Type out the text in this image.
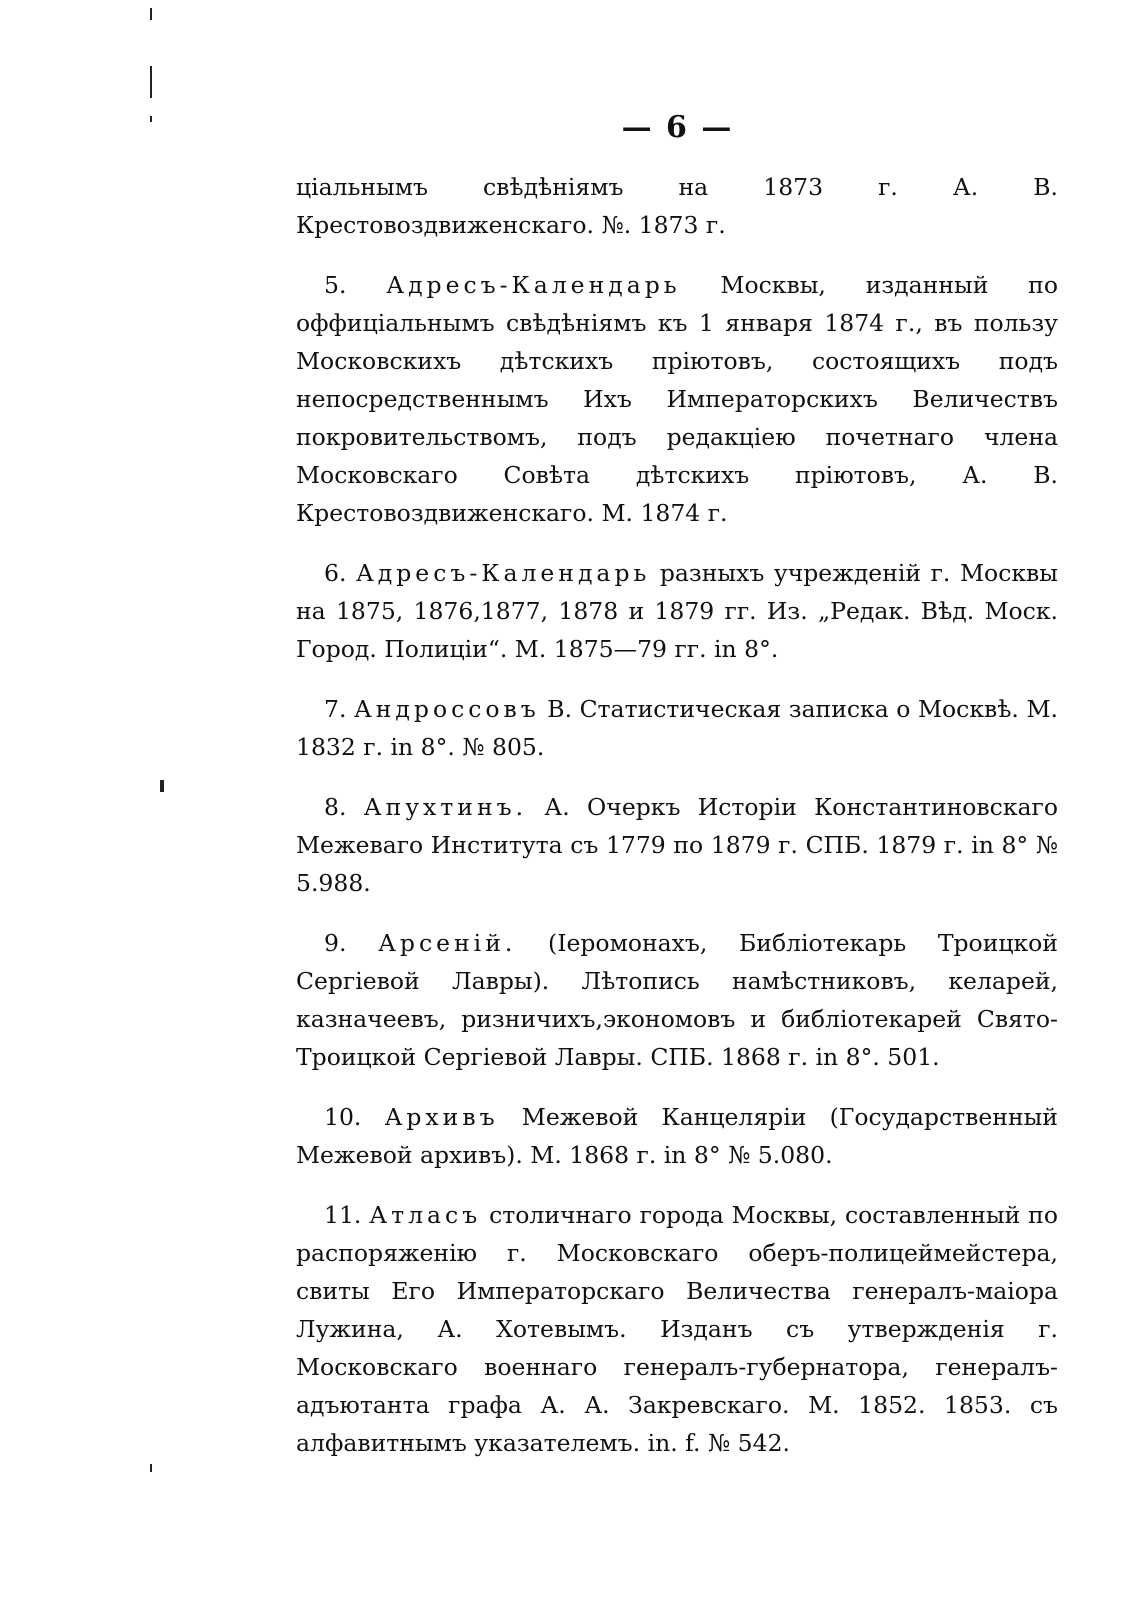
— 6 —

ціальнымъ свѣдѣніямъ на 1873 г. А. В. Крестовоздвиженскаго. №. 1873 г.

5. Адресъ-Календарь Москвы, изданный по оффиціальнымъ свѣдѣніямъ къ 1 января 1874 г., въ пользу Московскихъ дѣтскихъ пріютовъ, состоящихъ подъ непосредственнымъ Ихъ Императорскихъ Величествъ покровительствомъ, подъ редакціею почетнаго члена Московскаго Совѣта дѣтскихъ пріютовъ, А. В. Крестовоздвиженскаго. М. 1874 г.

6. Адресъ-Календарь разныхъ учрежденій г. Москвы на 1875, 1876,1877, 1878 и 1879 гг. Из. „Редак. Вѣд. Моск. Город. Полиціи“. М. 1875—79 гг. in 8°.

7. Андроссовъ В. Статистическая записка о Москвѣ. М. 1832 г. in 8°. № 805.

8. Апухтинъ. А. Очеркъ Исторіи Константиновскаго Межеваго Института съ 1779 по 1879 г. СПБ. 1879 г. in 8° № 5.988.

9. Арсеній. (Іеромонахъ, Библіотекарь Троицкой Сергіевой Лавры). Лѣтопись намѣстниковъ, келарей, казначеевъ, ризничихъ,экономовъ и библіотекарей Свято-Троицкой Сергіевой Лавры. СПБ. 1868 г. in 8°. 501.

10. Архивъ Межевой Канцеляріи (Государственный Межевой архивъ). М. 1868 г. in 8° № 5.080.

11. Атласъ столичнаго города Москвы, составленный по распоряженію г. Московскаго оберъ-полицеймейстера, свиты Его Императорскаго Величества генералъ-маіора Лужина, А. Хотевымъ. Изданъ съ утвержденія г. Московскаго военнаго генералъ-губернатора, генералъ-адъютанта графа А. А. Закревскаго. М. 1852. 1853. съ алфавитнымъ указателемъ. in. f. № 542.
